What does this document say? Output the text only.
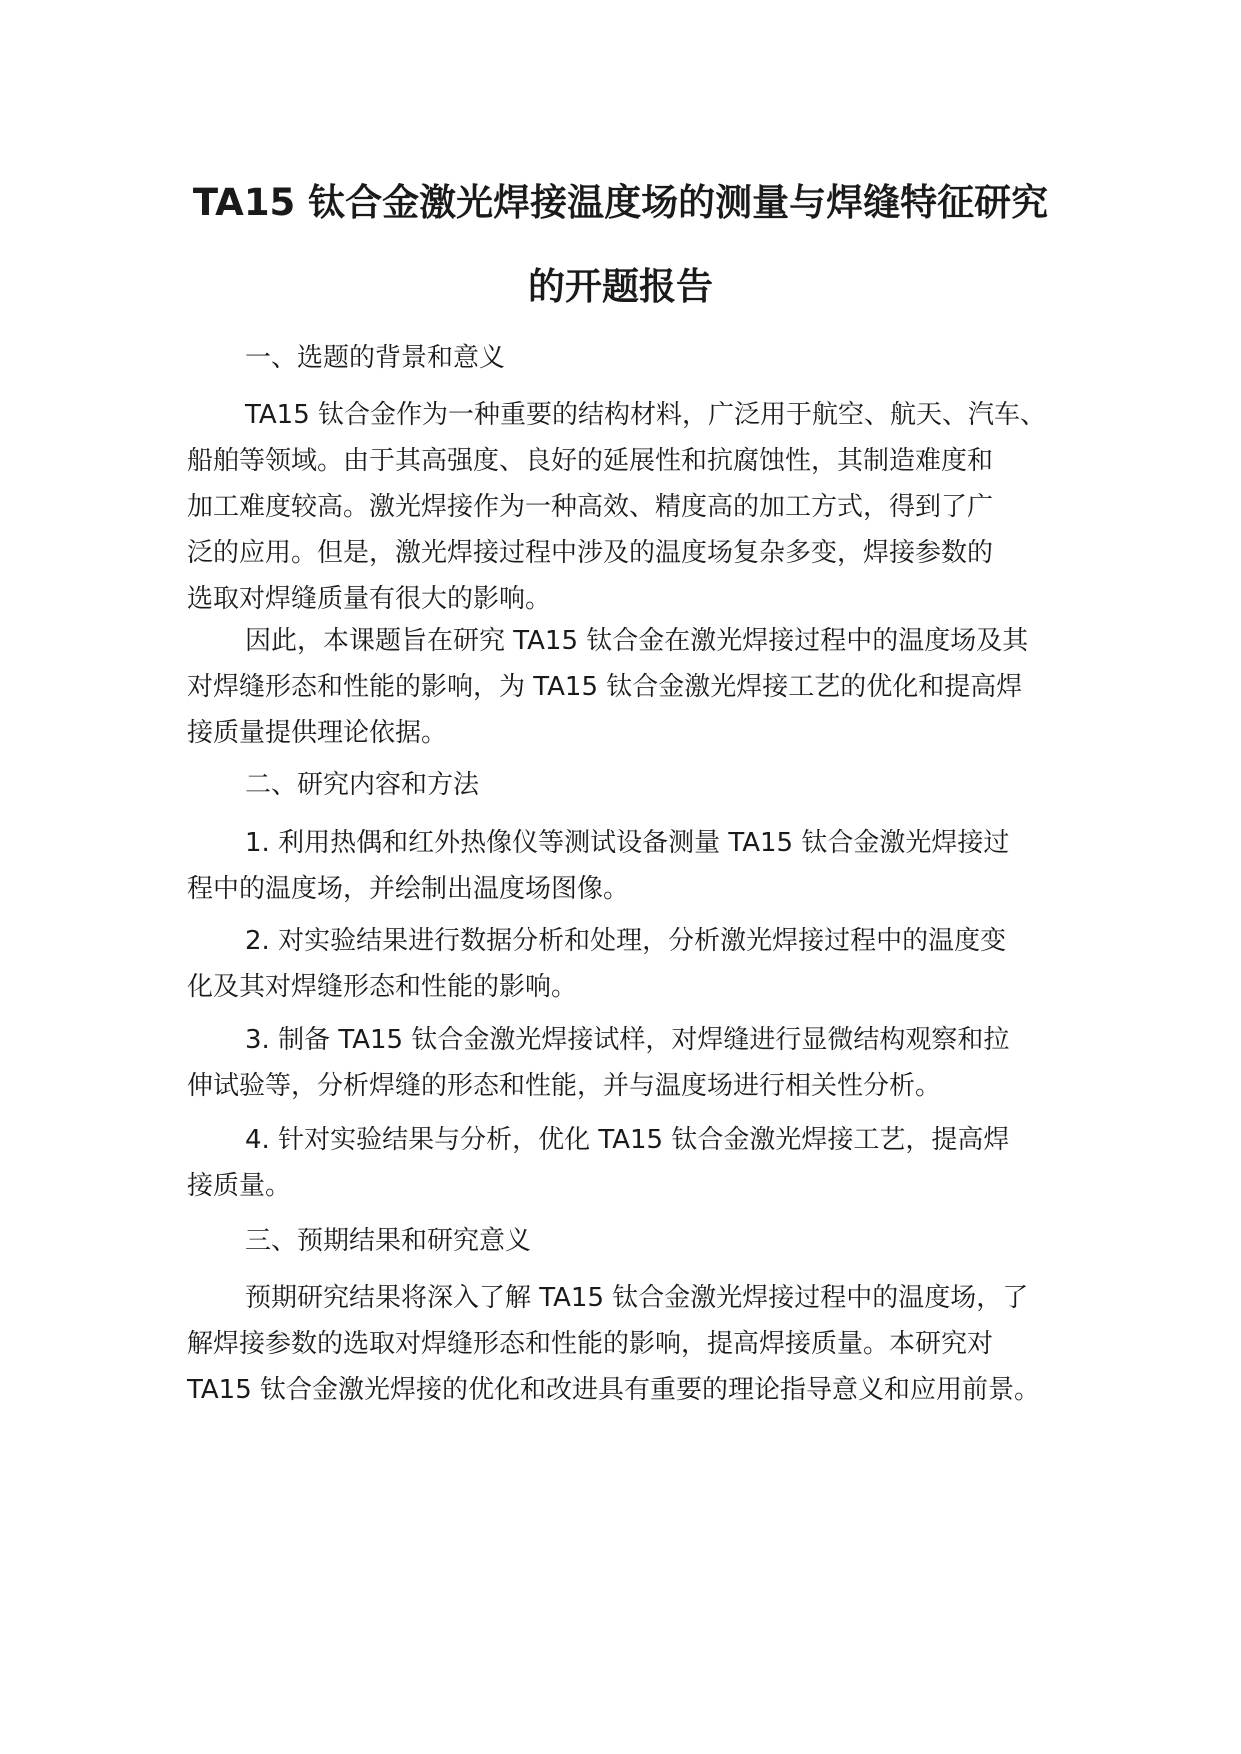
TA15 钛合金激光焊接温度场的测量与焊缝特征研究
的开题报告
一、选题的背景和意义
TA15 钛合金作为一种重要的结构材料，广泛用于航空、航天、汽车、
船舶等领域。由于其高强度、良好的延展性和抗腐蚀性，其制造难度和
加工难度较高。激光焊接作为一种高效、精度高的加工方式，得到了广
泛的应用。但是，激光焊接过程中涉及的温度场复杂多变，焊接参数的
选取对焊缝质量有很大的影响。
因此，本课题旨在研究 TA15 钛合金在激光焊接过程中的温度场及其
对焊缝形态和性能的影响，为 TA15 钛合金激光焊接工艺的优化和提高焊
接质量提供理论依据。
二、研究内容和方法
1. 利用热偶和红外热像仪等测试设备测量 TA15 钛合金激光焊接过
程中的温度场，并绘制出温度场图像。
2. 对实验结果进行数据分析和处理，分析激光焊接过程中的温度变
化及其对焊缝形态和性能的影响。
3. 制备 TA15 钛合金激光焊接试样，对焊缝进行显微结构观察和拉
伸试验等，分析焊缝的形态和性能，并与温度场进行相关性分析。
4. 针对实验结果与分析，优化 TA15 钛合金激光焊接工艺，提高焊
接质量。
三、预期结果和研究意义
预期研究结果将深入了解 TA15 钛合金激光焊接过程中的温度场，了
解焊接参数的选取对焊缝形态和性能的影响，提高焊接质量。本研究对
TA15 钛合金激光焊接的优化和改进具有重要的理论指导意义和应用前景。
